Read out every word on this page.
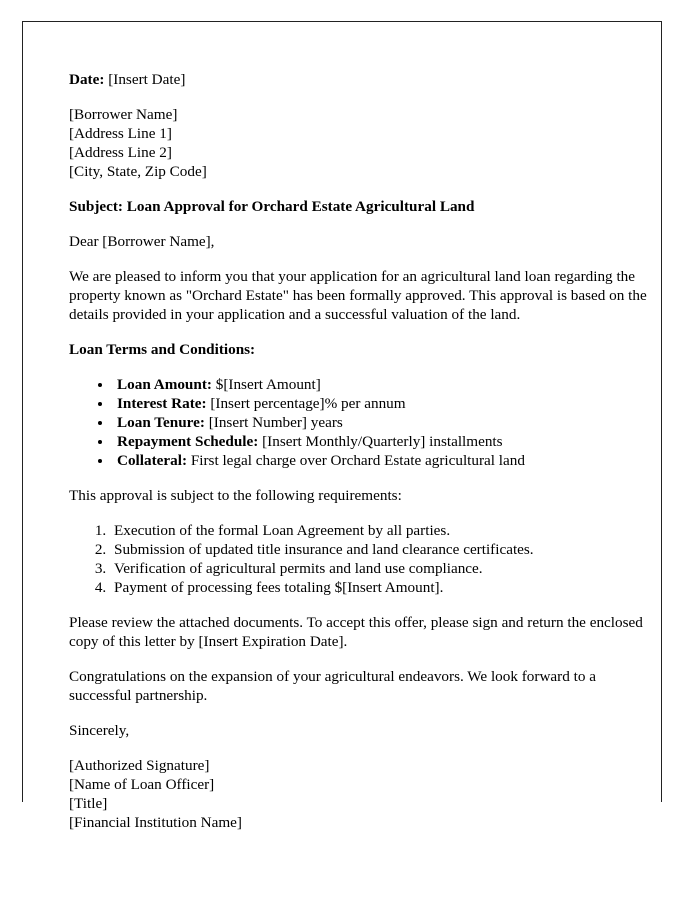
Date: [Insert Date]

[Borrower Name]
[Address Line 1]
[Address Line 2]
[City, State, Zip Code]

Subject: Loan Approval for Orchard Estate Agricultural Land

Dear [Borrower Name],

We are pleased to inform you that your application for an agricultural land loan regarding the property known as "Orchard Estate" has been formally approved. This approval is based on the details provided in your application and a successful valuation of the land.

Loan Terms and Conditions:

• Loan Amount: $[Insert Amount]
• Interest Rate: [Insert percentage]% per annum
• Loan Tenure: [Insert Number] years
• Repayment Schedule: [Insert Monthly/Quarterly] installments
• Collateral: First legal charge over Orchard Estate agricultural land

This approval is subject to the following requirements:

1. Execution of the formal Loan Agreement by all parties.
2. Submission of updated title insurance and land clearance certificates.
3. Verification of agricultural permits and land use compliance.
4. Payment of processing fees totaling $[Insert Amount].

Please review the attached documents. To accept this offer, please sign and return the enclosed copy of this letter by [Insert Expiration Date].

Congratulations on the expansion of your agricultural endeavors. We look forward to a successful partnership.

Sincerely,

[Authorized Signature]
[Name of Loan Officer]
[Title]
[Financial Institution Name]
